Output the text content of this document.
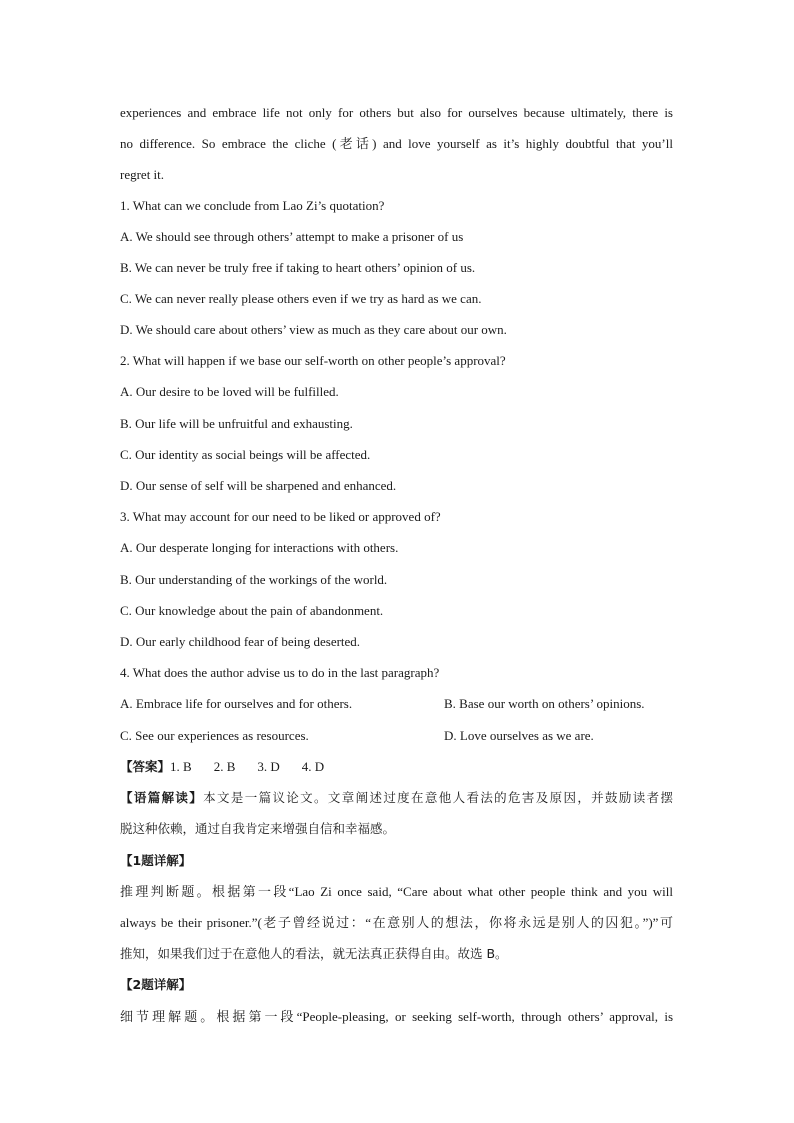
experiences and embrace life not only for others but also for ourselves because ultimately, there is
no difference. So embrace the cliche (老话) and love yourself as it’s highly doubtful that you’ll
regret it.
1. What can we conclude from Lao Zi’s quotation?
A. We should see through others’ attempt to make a prisoner of us
B. We can never be truly free if taking to heart others’ opinion of us.
C. We can never really please others even if we try as hard as we can.
D. We should care about others’ view as much as they care about our own.
2. What will happen if we base our self-worth on other people’s approval?
A. Our desire to be loved will be fulfilled.
B. Our life will be unfruitful and exhausting.
C. Our identity as social beings will be affected.
D. Our sense of self will be sharpened and enhanced.
3. What may account for our need to be liked or approved of?
A. Our desperate longing for interactions with others.
B. Our understanding of the workings of the world.
C. Our knowledge about the pain of abandonment.
D. Our early childhood fear of being deserted.
4. What does the author advise us to do in the last paragraph?
A. Embrace life for ourselves and for others.	B. Base our worth on others’ opinions.
C. See our experiences as resources.	D. Love ourselves as we are.
【答案】1. B 2. B 3. D 4. D
【语篇解读】本文是一篇议论文。文章阐述过度在意他人看法的危害及原因，并鼓励读者摆
脱这种依赖，通过自我肯定来增强自信和幸福感。
【1题详解】
推理判断题。根据第一段“Lao Zi once said, “Care about what other people think and you will
always be their prisoner.”(老子曾经说过：“在意别人的想法，你将永远是别人的囚犯。”)”可
推知，如果我们过于在意他人的看法，就无法真正获得自由。故选 B。
【2题详解】
细节理解题。根据第一段“People-pleasing, or seeking self-worth, through others’ approval, is
